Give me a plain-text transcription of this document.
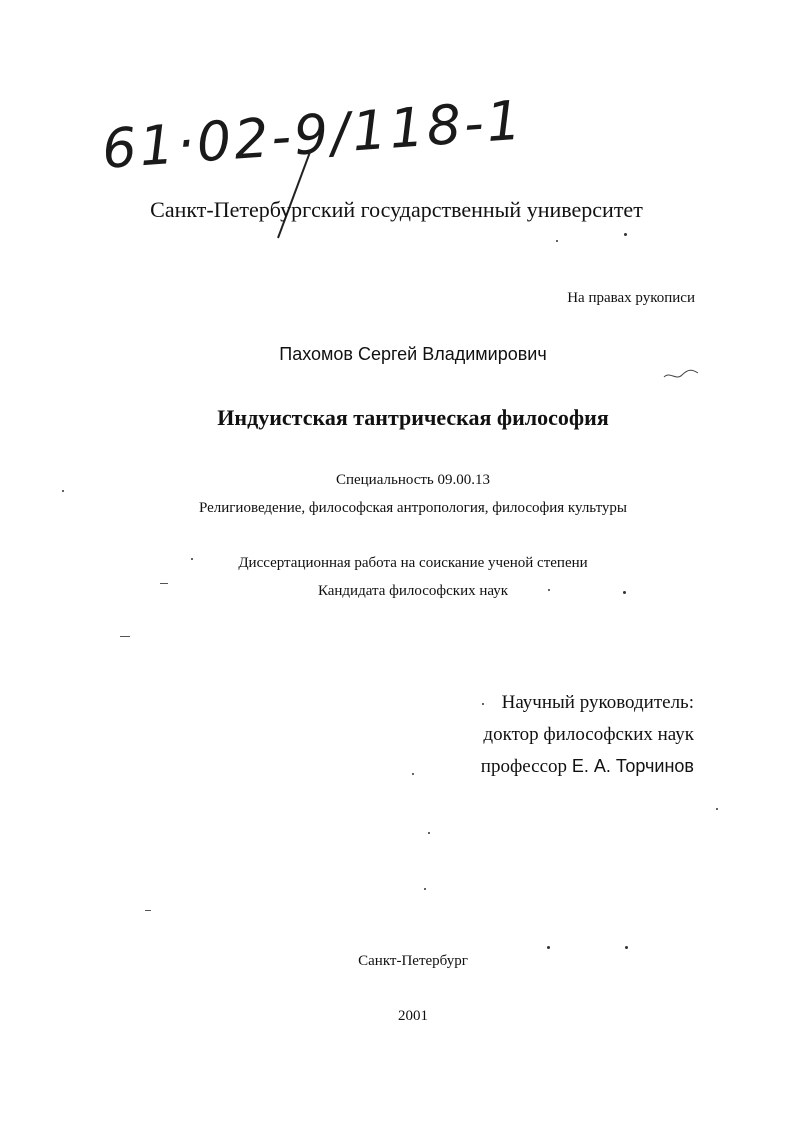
61·02-9/118-1
Санкт-Петербургский государственный университет
На правах рукописи
Пахомов Сергей Владимирович
Индуистская тантрическая философия
Специальность 09.00.13
Религиоведение, философская антропология, философия культуры
Диссертационная работа на соискание ученой степени
Кандидата философских наук
Научный руководитель:
доктор философских наук
профессор Е. А. Торчинов
Санкт-Петербург
2001
